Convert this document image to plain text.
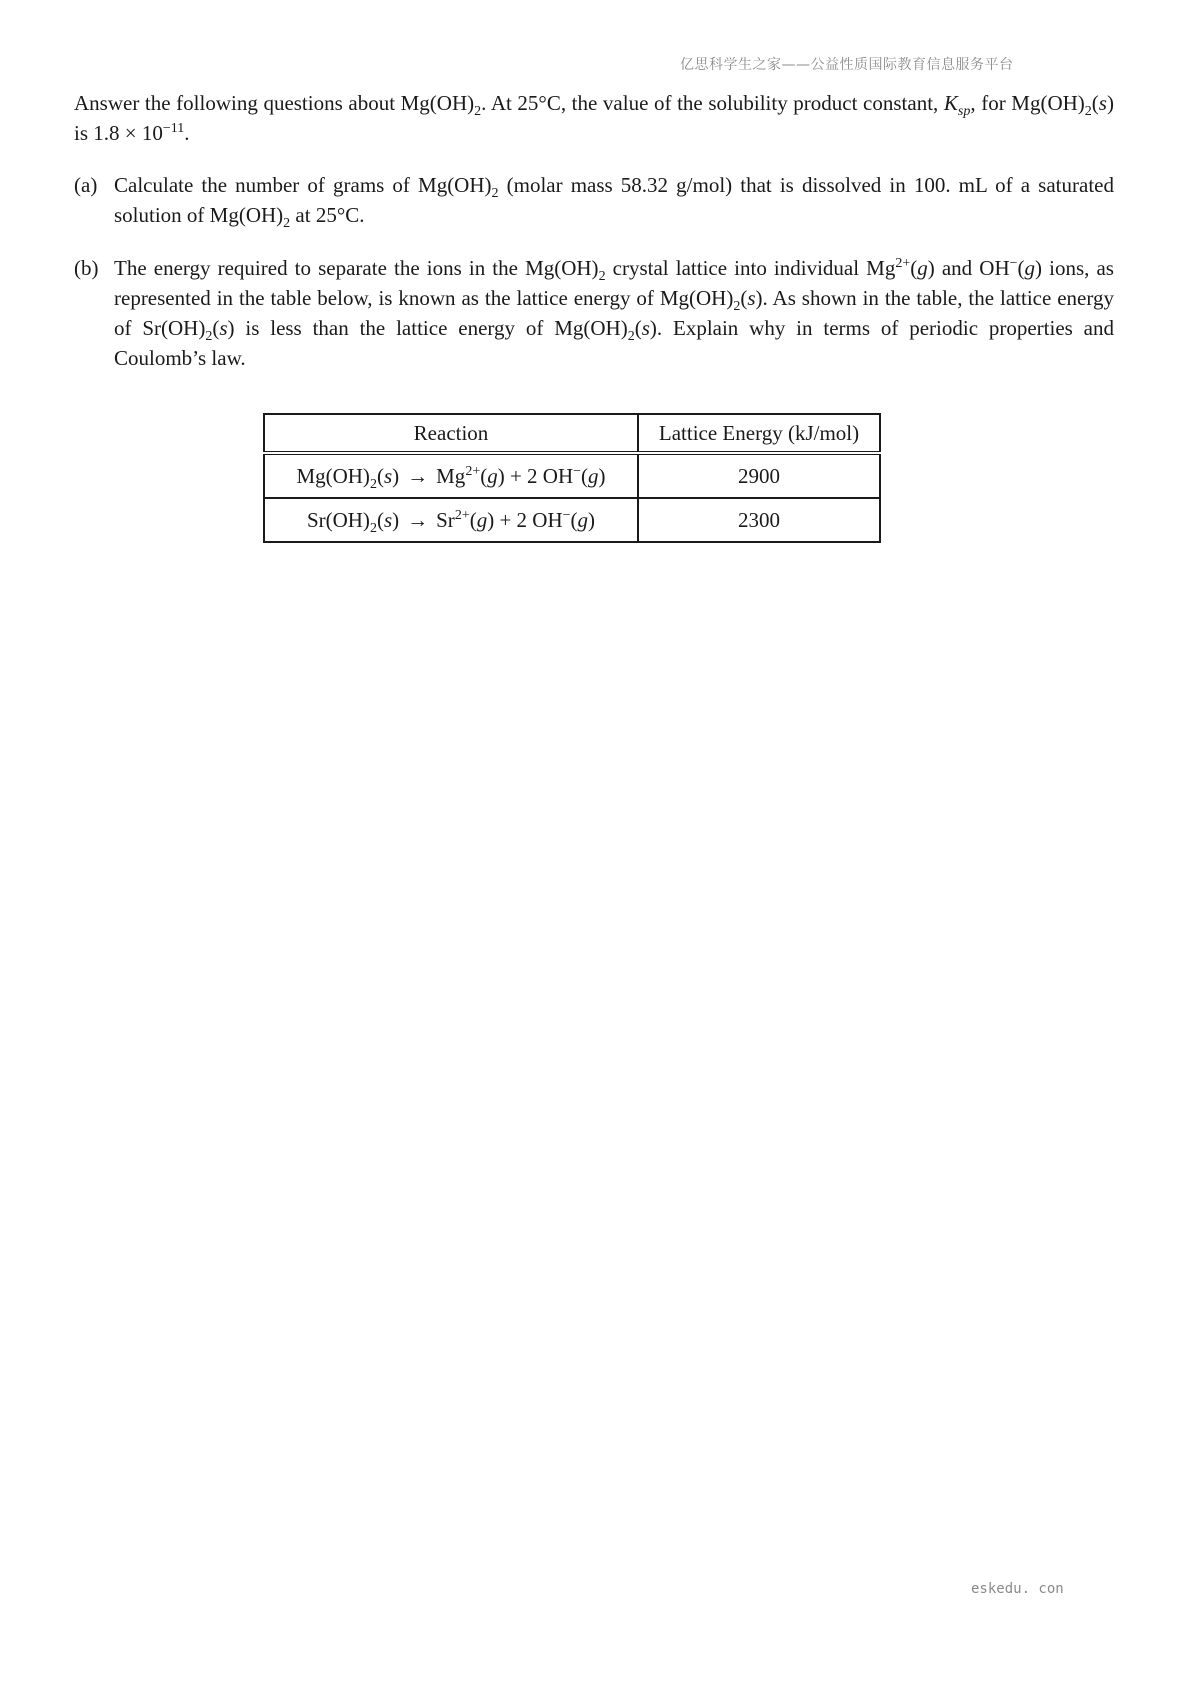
亿思科学生之家——公益性质国际教育信息服务平台

Answer the following questions about $Mg(OH)_2$. At 25°C, the value of the solubility product constant, $K_{sp}$, for $Mg(OH)_2(s)$ is $1.8 \times 10^{-11}$.

(a) Calculate the number of grams of $Mg(OH)_2$ (molar mass 58.32 g/mol) that is dissolved in 100. mL of a saturated solution of $Mg(OH)_2$ at 25°C.

(b) The energy required to separate the ions in the $Mg(OH)_2$ crystal lattice into individual $Mg^{2+}(g)$ and OH−(g) ions, as represented in the table below, is known as the lattice energy of $Mg(OH)_2(s)$. As shown in the table, the lattice energy of $Sr(OH)_2(s)$ is less than the lattice energy of $Mg(OH)_2(s)$. Explain why in terms of periodic properties and Coulomb’s law.

Reaction	Lattice Energy (kJ/mol)
$Mg(OH)_2(s) \to Mg^{2+}(g) + 2$ OH−(g)	2900
$Sr(OH)_2(s) \to Sr^{2+}(g) + 2$ OH−(g)	2300
eskedu. con
